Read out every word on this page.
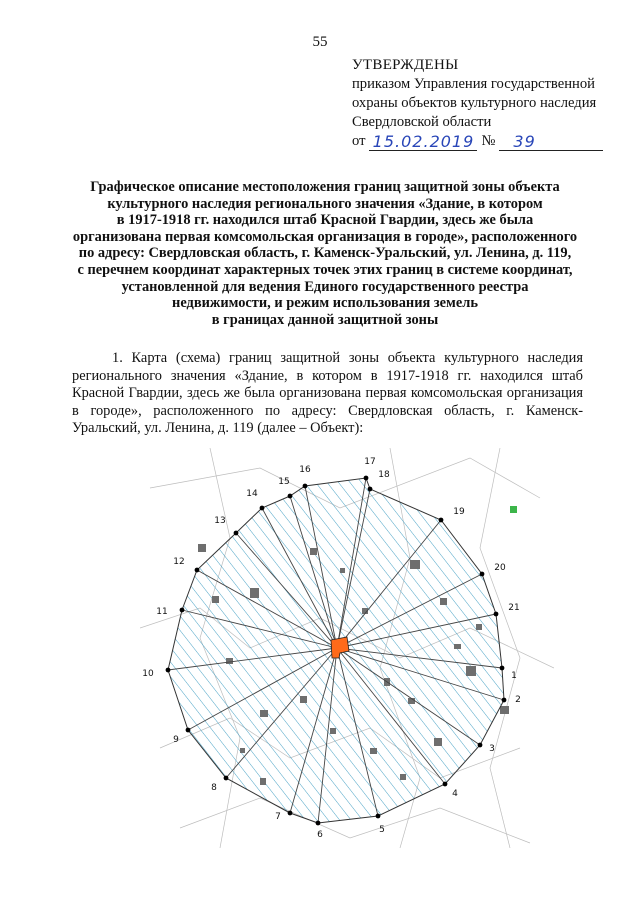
55
УТВЕРЖДЕНЫ
приказом Управления государственной
охраны объектов культурного наследия
Свердловской области
от 15.02.2019 №	39
Графическое описание местоположения границ защитной зоны объекта
культурного наследия регионального значения «Здание, в котором
в 1917-1918 гг. находился штаб Красной Гвардии, здесь же была
организована первая комсомольская организация в городе», расположенного
по адресу: Свердловская область, г. Каменск-Уральский, ул. Ленина, д. 119,
с перечнем координат характерных точек этих границ в системе координат,
установленной для ведения Единого государственного реестра
недвижимости, и режим использования земель
в границах данной защитной зоны
1. Карта (схема) границ защитной зоны объекта культурного наследия
регионального значения «Здание, в котором в 1917-1918 гг. находился штаб
Красной Гвардии, здесь же была организована первая комсомольская организация
в городе», расположенного по адресу: Свердловская область, г. Каменск-
Уральский, ул. Ленина, д. 119 (далее – Объект):
1
2
3
4
5
6
7
8
9
10
11
12
13
14
15
16
17
18
19
20
21
